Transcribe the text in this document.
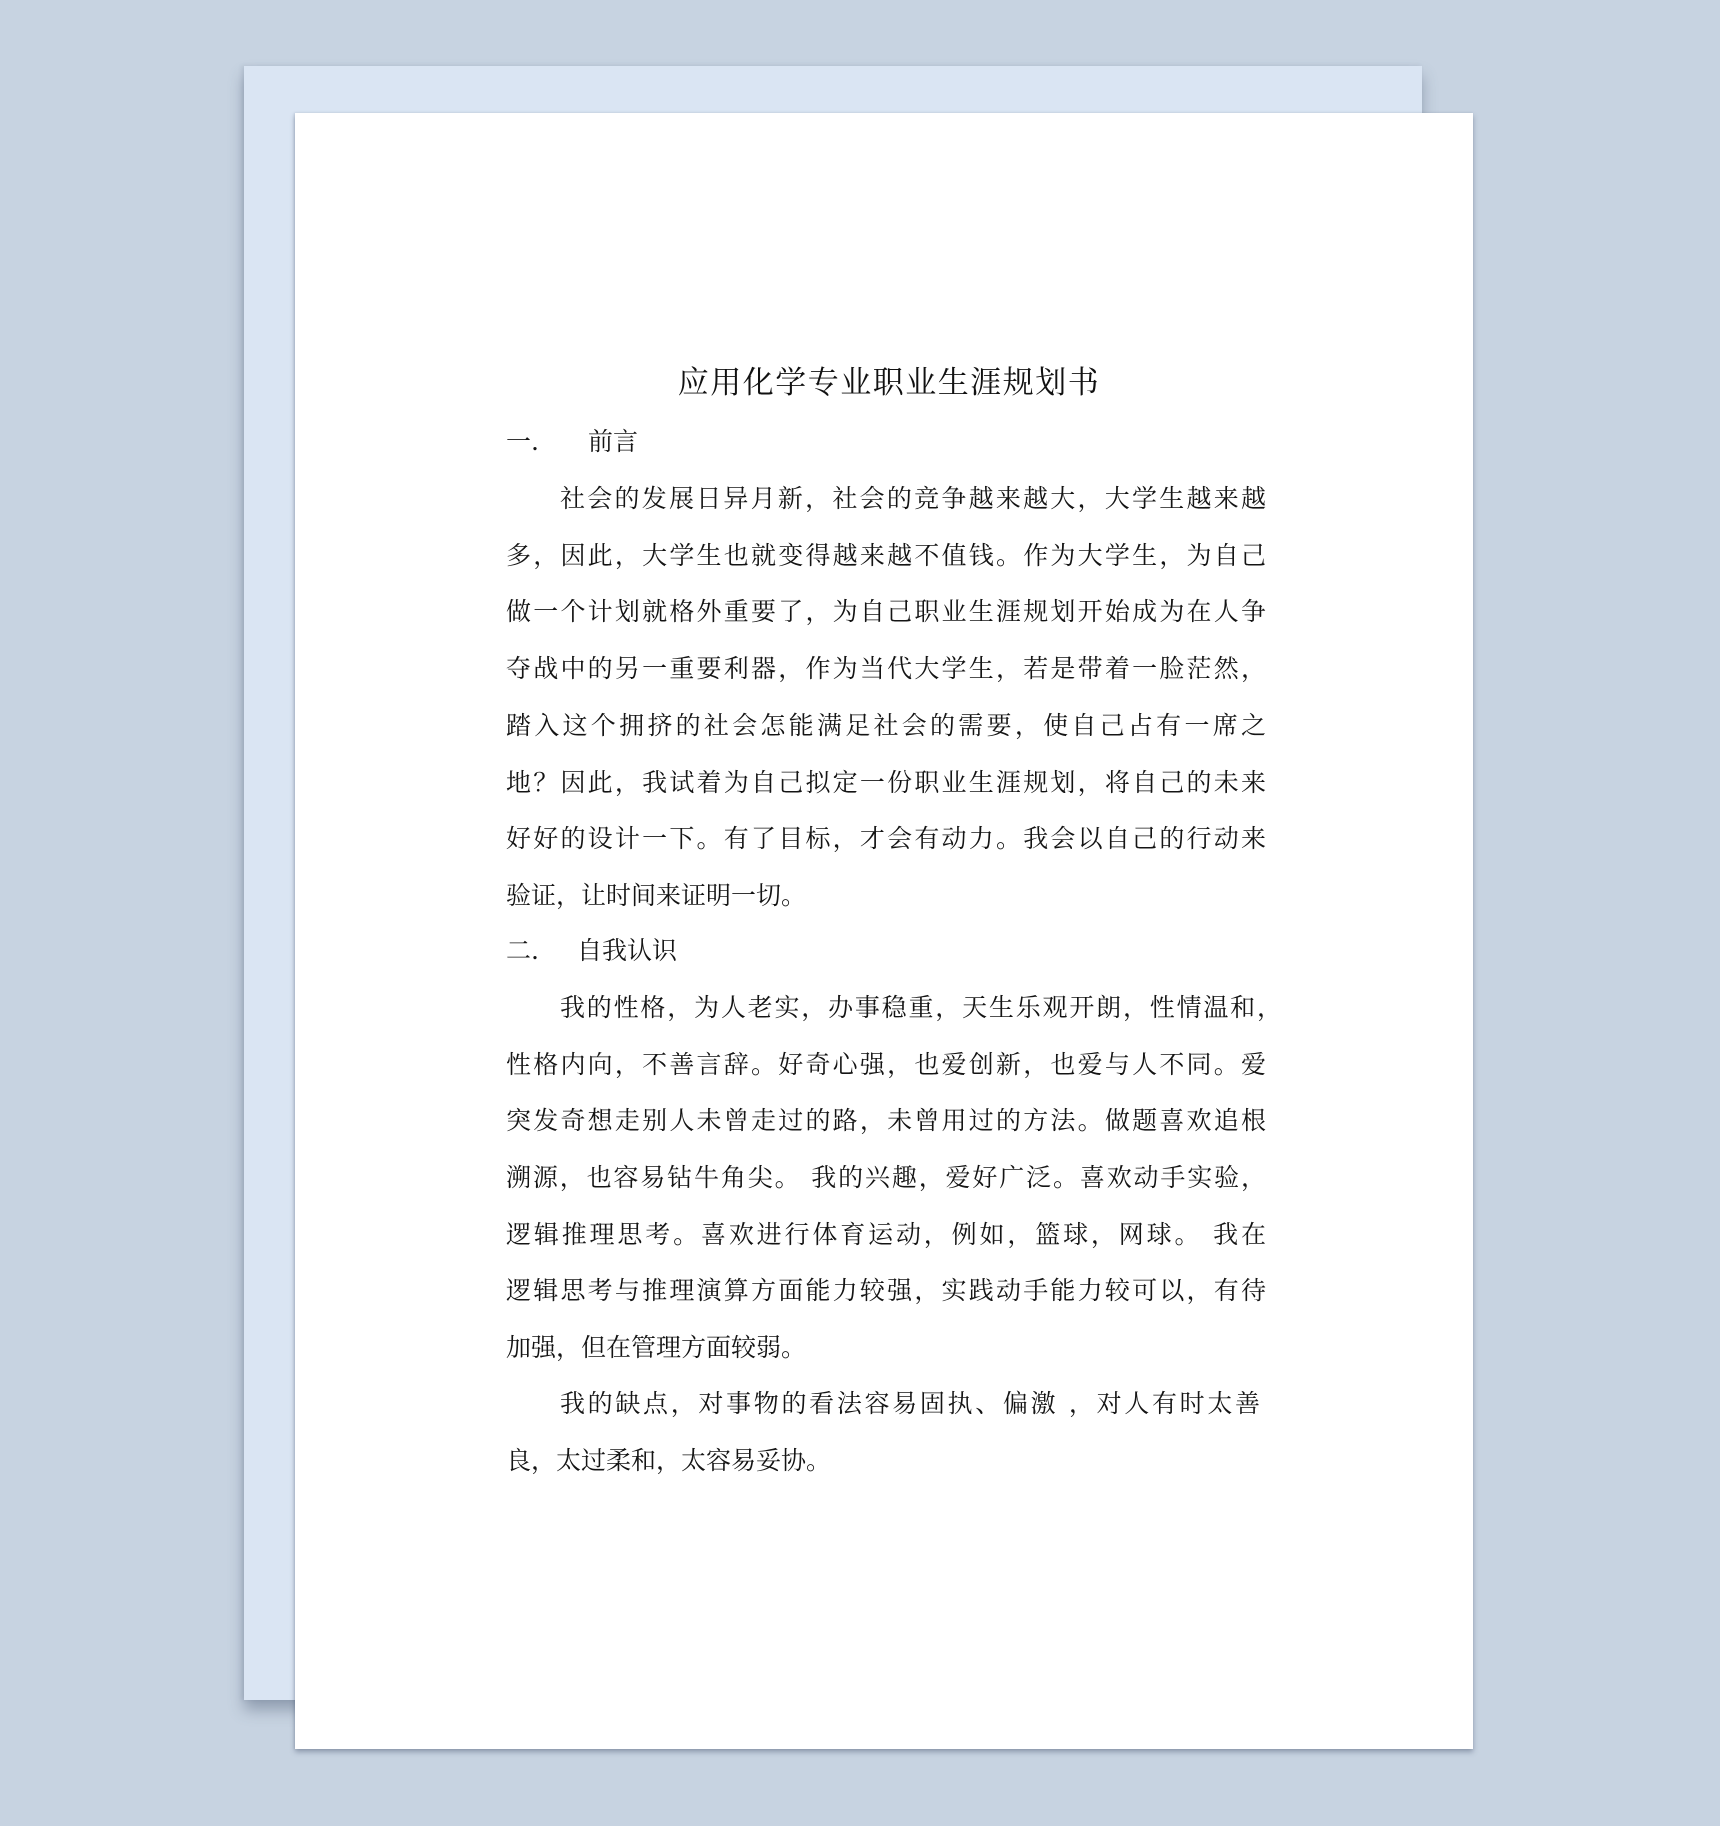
应用化学专业职业生涯规划书
一. 前言
社会的发展日异月新，社会的竞争越来越大，大学生越来越
多，因此，大学生也就变得越来越不值钱。作为大学生，为自己
做一个计划就格外重要了，为自己职业生涯规划开始成为在人争
夺战中的另一重要利器，作为当代大学生，若是带着一脸茫然，
踏入这个拥挤的社会怎能满足社会的需要，使自己占有一席之
地？因此，我试着为自己拟定一份职业生涯规划，将自己的未来
好好的设计一下。有了目标，才会有动力。我会以自己的行动来
验证，让时间来证明一切。
二. 自我认识
我的性格，为人老实，办事稳重，天生乐观开朗，性情温和，
性格内向，不善言辞。好奇心强，也爱创新，也爱与人不同。爱
突发奇想走别人未曾走过的路，未曾用过的方法。做题喜欢追根
溯源，也容易钻牛角尖。 我的兴趣，爱好广泛。喜欢动手实验，
逻辑推理思考。喜欢进行体育运动，例如，篮球，网球。 我在
逻辑思考与推理演算方面能力较强，实践动手能力较可以，有待
加强，但在管理方面较弱。
我的缺点，对事物的看法容易固执、偏激 ，对人有时太善
良，太过柔和，太容易妥协。
